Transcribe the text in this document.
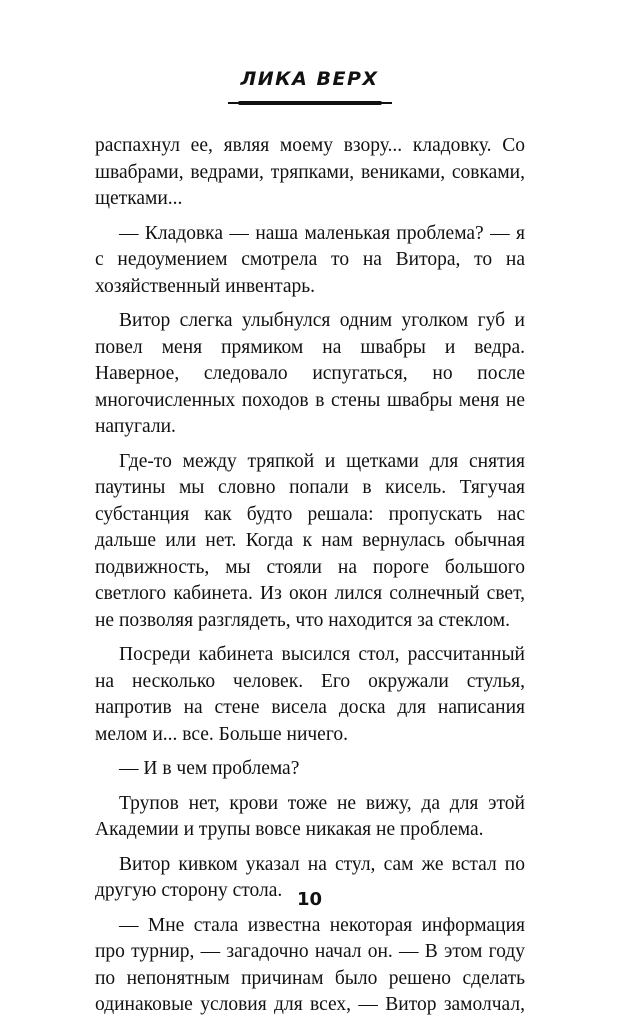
ЛИКА ВЕРХ

распахнул ее, являя моему взору... кладовку. Со швабрами, ведрами, тряпками, вениками, совками, щетками...

— Кладовка — наша маленькая проблема? — я с недоумением смотрела то на Витора, то на хозяйственный инвентарь.

Витор слегка улыбнулся одним уголком губ и повел меня прямиком на швабры и ведра. Наверное, следовало испугаться, но после многочисленных походов в стены швабры меня не напугали.

Где-то между тряпкой и щетками для снятия паутины мы словно попали в кисель. Тягучая субстанция как будто решала: пропускать нас дальше или нет. Когда к нам вернулась обычная подвижность, мы стояли на пороге большого светлого кабинета. Из окон лился солнечный свет, не позволяя разглядеть, что находится за стеклом.

Посреди кабинета высился стол, рассчитанный на несколько человек. Его окружали стулья, напротив на стене висела доска для написания мелом и... все. Больше ничего.

— И в чем проблема?

Трупов нет, крови тоже не вижу, да для этой Академии и трупы вовсе никакая не проблема.

Витор кивком указал на стул, сам же встал по другую сторону стола.

— Мне стала известна некоторая информация про турнир, — загадочно начал он. — В этом году по непонятным причинам было решено сделать одинаковые условия для всех, — Витор замолчал,

10
